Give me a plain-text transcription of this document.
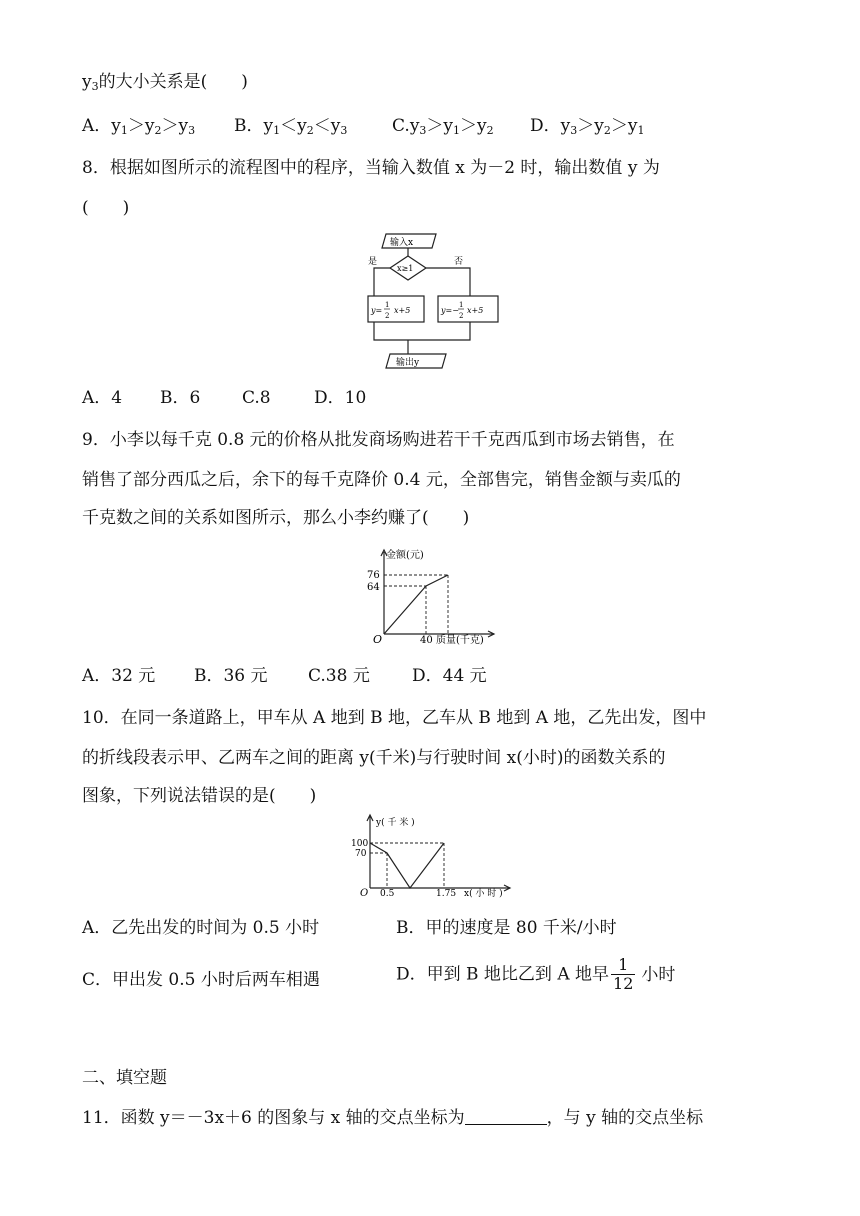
$y_3$的大小关系是(　　)
A．$y_1>y_2>y_3$ B．$y_1<y_2<y_3$	$C.y_3>y_1>y_2$ D．$y_3>y_2>y_1$
8．根据如图所示的流程图中的程序，当输入数值 x 为－2 时，输出数值 y 为
(　　)
输入x
x≥1
是	否
y=
1
2
x+5	y=−
1
2
x+5
输出y
A．4 B．6 C.8	D．10
9．小李以每千克 0.8 元的价格从批发商场购进若干千克西瓜到市场去销售，在
销售了部分西瓜之后，余下的每千克降价 0.4 元，全部售完，销售金额与卖瓜的
千克数之间的关系如图所示，那么小李约赚了(　　)
金额(元)
76
64
O	40 质量(千克)
A．32 元 B．36 元 C.38 元 D．44 元
10．在同一条道路上，甲车从 A 地到 B 地，乙车从 B 地到 A 地，乙先出发，图中
的折线段表示甲、乙两车之间的距离 y(千米)与行驶时间 x(小时)的函数关系的
图象，下列说法错误的是(　　)
y( 千 米 )
100
70
O 0.5	1.75 x( 小 时 )
A．乙先出发的时间为 0.5 小时	B．甲的速度是 80 千米/小时
C．甲出发 0.5 小时后两车相遇	D．甲到 B 地比乙到 A 地早 $\frac{1}{12}$ 小时
二、填空题
11．函数 y＝－3x＋6 的图象与 x 轴的交点坐标为	，与 y 轴的交点坐标
